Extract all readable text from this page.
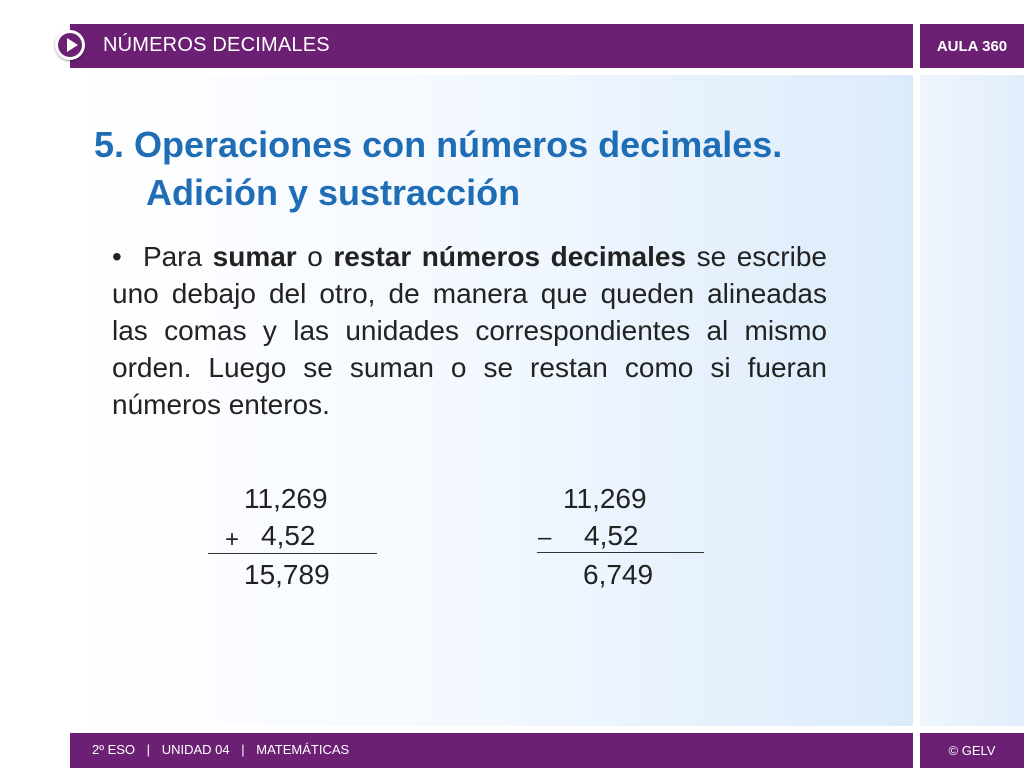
NÚMEROS DECIMALES	AULA 360
5. Operaciones con números decimales.
Adición y sustracción
• Para sumar o restar números decimales se escribe uno debajo del otro, de manera que queden alineadas las comas y las unidades correspondientes al mismo orden. Luego se suman o se restan como si fueran números enteros.
11,269
+ 4,52
15,789
11,269
– 4,52
6,749
2º ESO | UNIDAD 04 | MATEMÁTICAS	© GELV
